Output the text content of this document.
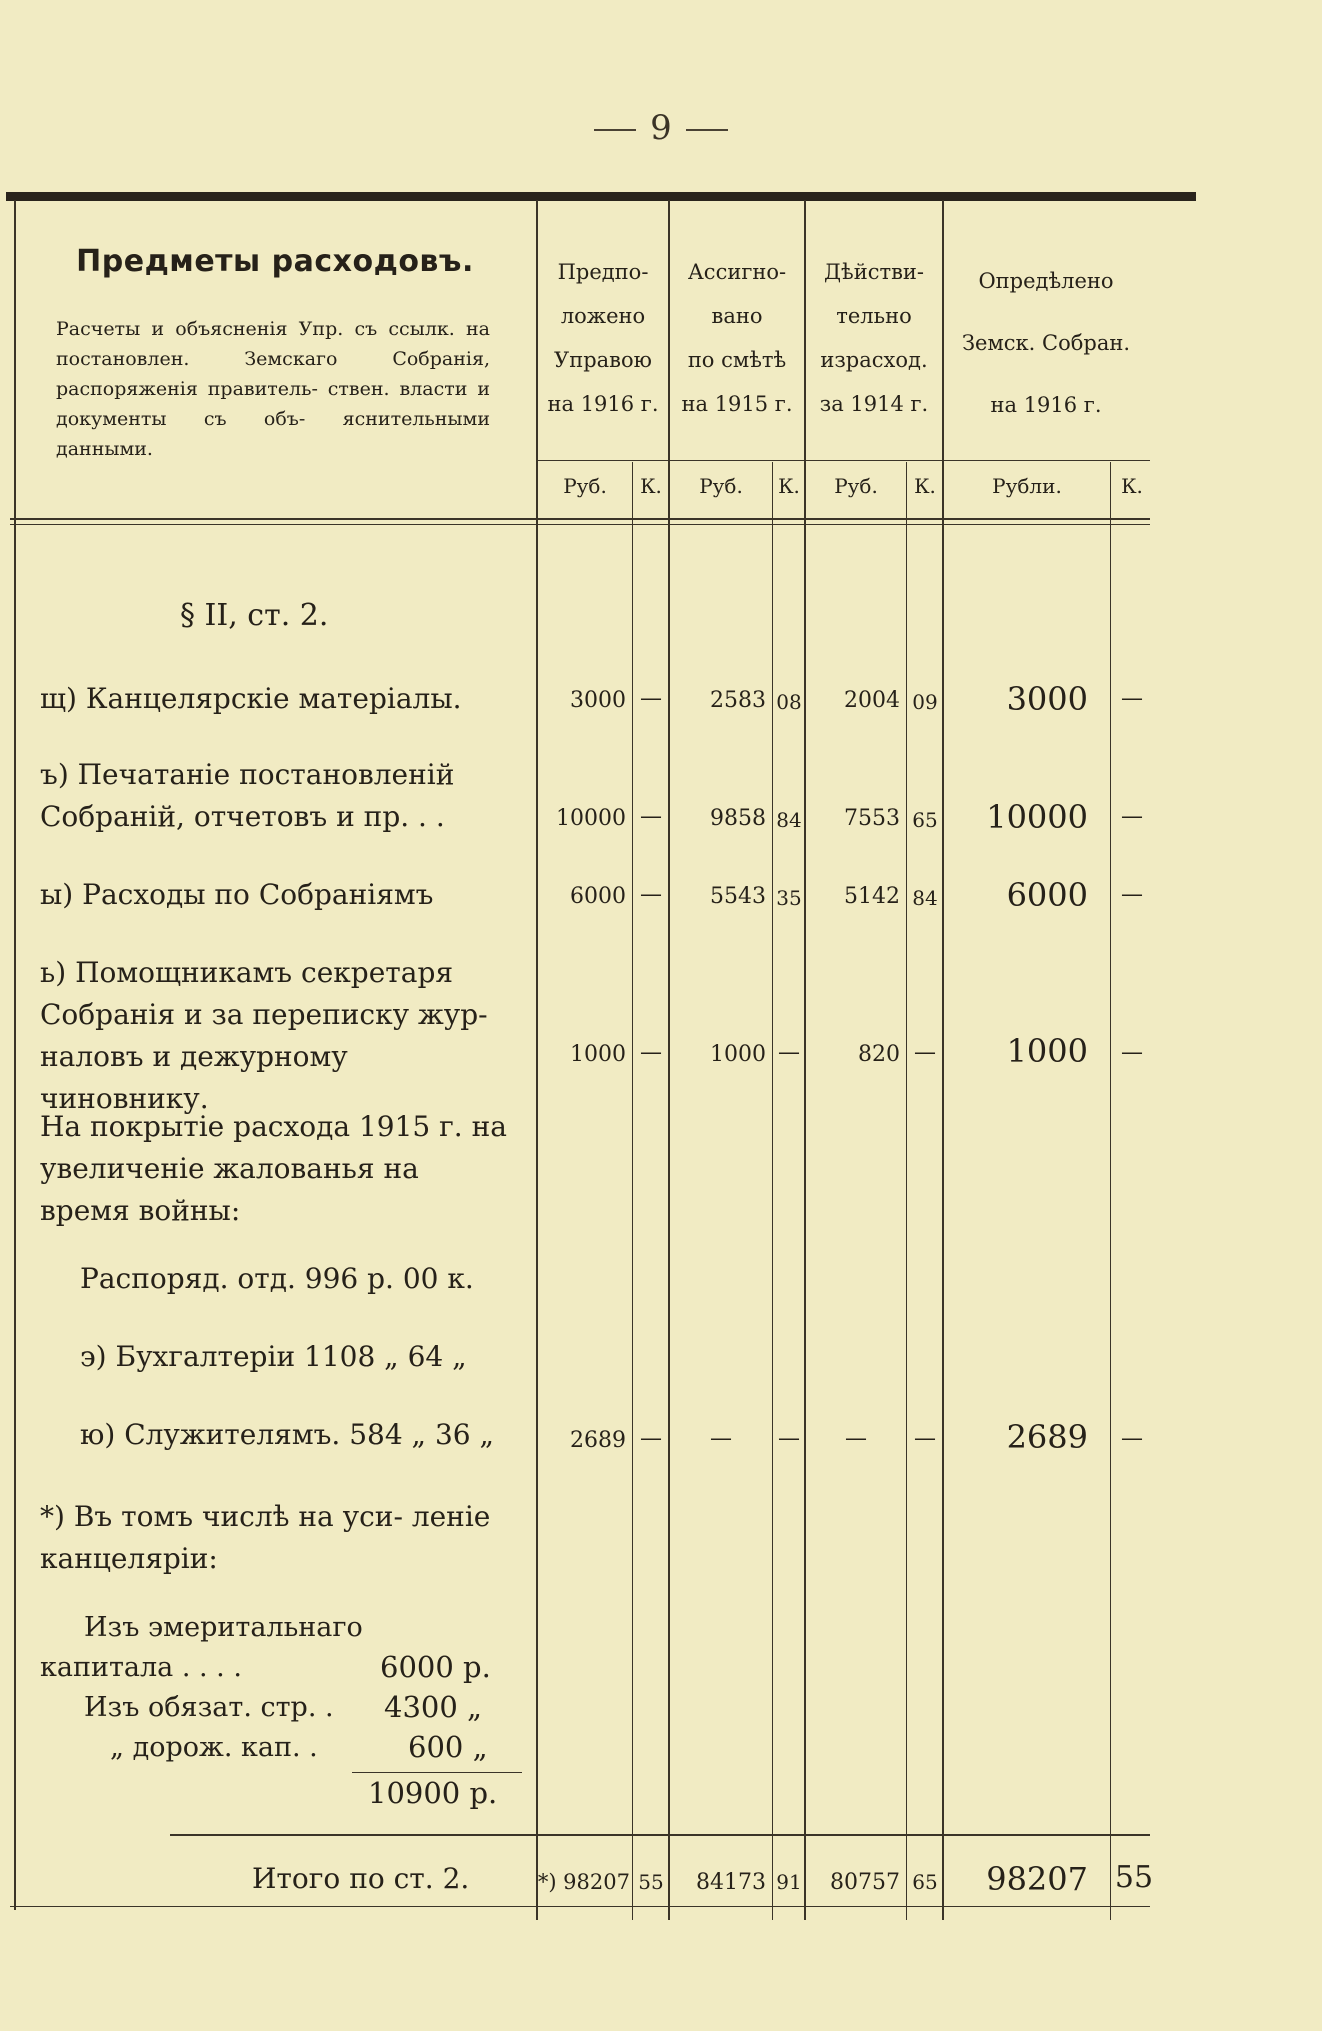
9
Предметы расходовъ.
Расчеты и объясненія Упр. съ ссылк. на постановлен. Земскаго Собранія, распоряженія правитель- ствен. власти и документы съ объ- яснительными данными.
Предпо-
ложено
Управою
на 1916 г.
Ассигно-
вано
по смѣтѣ
на 1915 г.
Дѣйстви-
тельно
израсход.
за 1914 г.
Опредѣлено
Земск. Собран.
на 1916 г.
Руб.	К.	Руб.	К.	Руб.	К.	Рубли.	К.
§ II, ст. 2.
щ) Канцелярскіе матеріалы.	3000 —	2583 08	2004 09	3000	—
ъ) Печатаніе постановленій Собраній, отчетовъ и пр. . .	10000 —	9858 84	7553 65	10000	—
ы) Расходы по Собраніямъ	6000 —	5543 35	5142 84	6000	—
ь) Помощникамъ секретаря Собранія и за переписку жур- наловъ и дежурному чиновнику.
1000 —	1000 —	820 —	1000	—
На покрытіе расхода 1915 г. на увеличеніе жалованья на время войны:
Распоряд. отд. 996 р. 00 к.
э) Бухгалтеріи 1108 „ 64 „
ю) Служителямъ. 584 „ 36 „	2689 —	—	—	—	—	2689	—
*) Въ томъ числѣ на уси- леніе канцеляріи:
Изъ эмеритальнаго
капитала . . . .	6000 р.
Изъ обязат. стр. . 4300 „
„ дорож. кап. .	600 „
10900 р.
Итого по ст. 2.	*) 98207 55	84173 91	80757 65	98207 55
